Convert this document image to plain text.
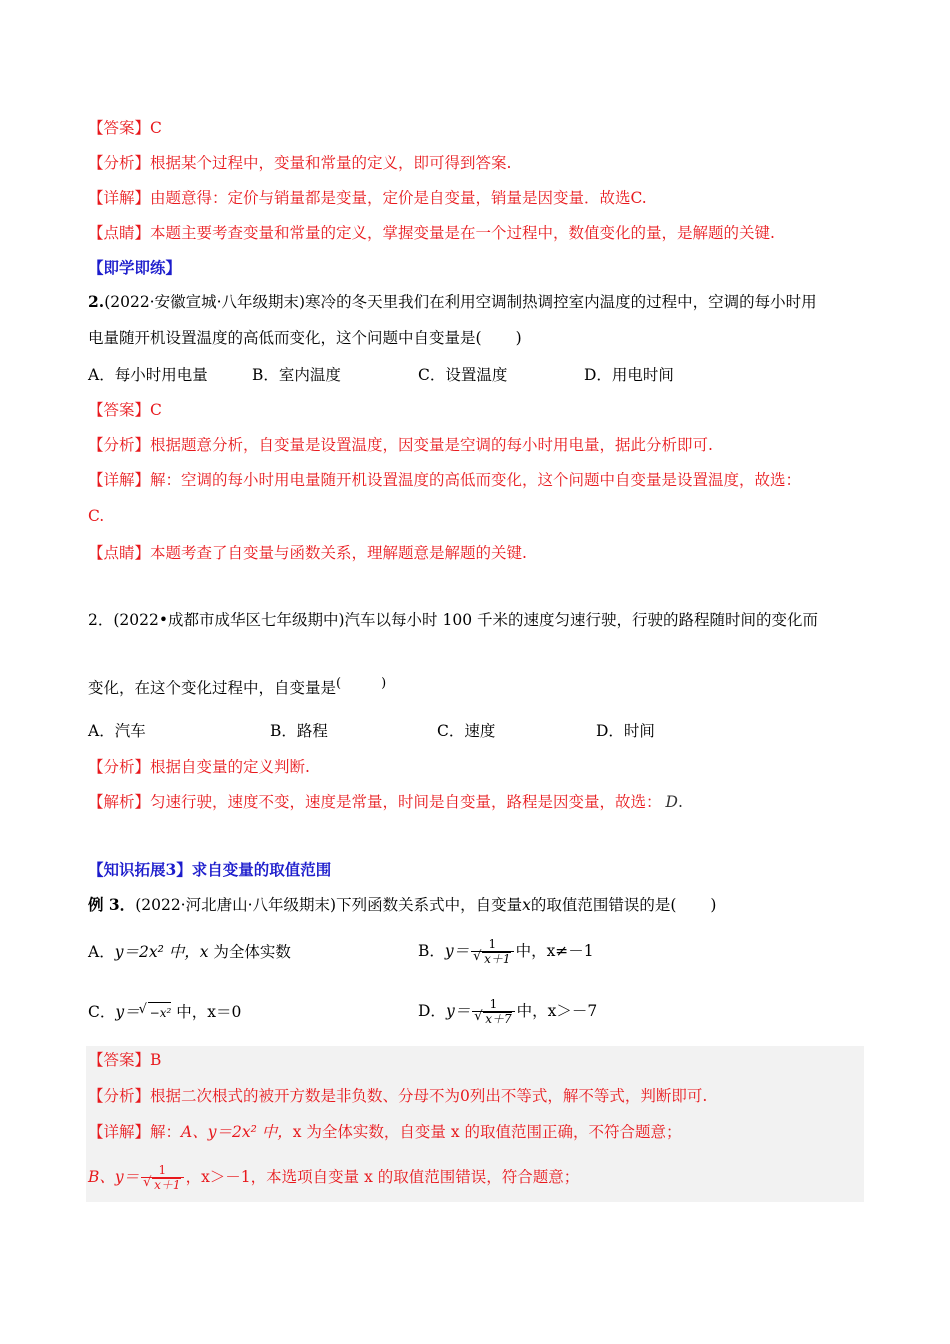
【答案】C
【分析】根据某个过程中，变量和常量的定义，即可得到答案.
【详解】由题意得：定价与销量都是变量，定价是自变量，销量是因变量．故选C.
【点睛】本题主要考查变量和常量的定义，掌握变量是在一个过程中，数值变化的量，是解题的关键.
【即学即练】
2.(2022·安徽宣城·八年级期末)寒冷的冬天里我们在利用空调制热调控室内温度的过程中，空调的每小时用
电量随开机设置温度的高低而变化，这个问题中自变量是( )
A．每小时用电量	B．室内温度	C．设置温度	D．用电时间
【答案】C
【分析】根据题意分析，自变量是设置温度，因变量是空调的每小时用电量，据此分析即可.
【详解】解：空调的每小时用电量随开机设置温度的高低而变化，这个问题中自变量是设置温度，故选：
C.
【点睛】本题考查了自变量与函数关系，理解题意是解题的关键.
2．(2022•成都市成华区七年级期中)汽车以每小时 100 千米的速度匀速行驶，行驶的路程随时间的变化而
变化，在这个变化过程中，自变量是(	)
A．汽车	B．路程	C．速度	D．时间
【分析】根据自变量的定义判断.
【解析】匀速行驶，速度不变，速度是常量，时间是自变量，路程是因变量，故选： D.
【知识拓展3】求自变量的取值范围
例 3．(2022·河北唐山·八年级期末)下列函数关系式中，自变量x的取值范围错误的是( )
A．y＝2x² 中，x 为全体实数	B．y＝ 1
√ x＋1 中，x≠－1
C．y＝√ −x² 中，x＝0	D．y＝ 1
√ x＋7 中，x＞－7
【答案】B
【分析】根据二次根式的被开方数是非负数、分母不为0列出不等式，解不等式，判断即可.
【详解】解：A、y＝2x² 中，x 为全体实数，自变量 x 的取值范围正确，不符合题意；
B、y＝ 1
√ x＋1 ，x＞－1，本选项自变量 x 的取值范围错误，符合题意；
